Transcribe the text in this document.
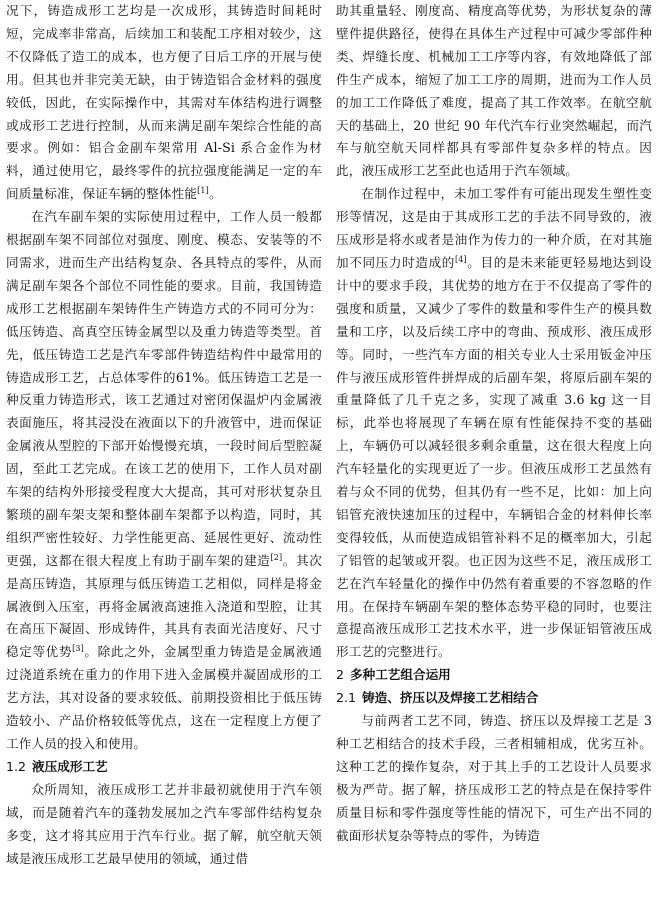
况下，铸造成形工艺均是一次成形，其铸造时间耗时短，完成率非常高，后续加工和装配工序相对较少，这不仅降低了造工的成本，也方便了日后工序的开展与使用。但其也并非完美无缺，由于铸造铝合金材料的强度较低，因此，在实际操作中，其需对车体结构进行调整或成形工艺进行控制，从而来满足副车架综合性能的高要求。例如：铝合金副车架常用 Al-Si 系合金作为材料，通过使用它，最终零件的抗拉强度能满足一定的车间质量标准，保证车辆的整体性能[1]。

在汽车副车架的实际使用过程中，工作人员一般都根据副车架不同部位对强度、刚度、模态、安装等的不同需求，进而生产出结构复杂、各具特点的零件，从而满足副车架各个部位不同性能的要求。目前，我国铸造成形工艺根据副车架铸件生产铸造方式的不同可分为：低压铸造、高真空压铸金属型以及重力铸造等类型。首先，低压铸造工艺是汽车零部件铸造结构件中最常用的铸造成形工艺，占总体零件的61%。低压铸造工艺是一种反重力铸造形式，该工艺通过对密闭保温炉内金属液表面施压，将其浸没在液面以下的升液管中，进而保证金属液从型腔的下部开始慢慢充填，一段时间后型腔凝固，至此工艺完成。在该工艺的使用下，工作人员对副车架的结构外形接受程度大大提高，其可对形状复杂且繁琐的副车架支架和整体副车架都予以构造，同时，其组织严密性较好、力学性能更高、延展性更好、流动性更强，这都在很大程度上有助于副车架的建造[2]。其次是高压铸造，其原理与低压铸造工艺相似，同样是将金属液倒入压室，再将金属液高速推入浇道和型腔，让其在高压下凝固、形成铸件，其具有表面光洁度好、尺寸稳定等优势[3]。除此之外，金属型重力铸造是金属液通过浇道系统在重力的作用下进入金属模并凝固成形的工艺方法，其对设备的要求较低、前期投资相比于低压铸造较小、产品价格较低等优点，这在一定程度上方便了工作人员的投入和使用。

1.2 液压成形工艺

众所周知，液压成形工艺并非最初就使用于汽车领域，而是随着汽车的蓬勃发展加之汽车零部件结构复杂多变，这才将其应用于汽车行业。据了解，航空航天领域是液压成形工艺最早使用的领域，通过借

助其重量轻、刚度高、精度高等优势，为形状复杂的薄壁件提供路径，使得在具体生产过程中可减少零部件种类、焊缝长度、机械加工工序等内容，有效地降低了部件生产成本，缩短了加工工序的周期，进而为工作人员的加工工作降低了难度，提高了其工作效率。在航空航天的基础上，20 世纪 90 年代汽车行业突然崛起，而汽车与航空航天同样都具有零部件复杂多样的特点。因此，液压成形工艺至此也适用于汽车领域。

在制作过程中，未加工零件有可能出现发生塑性变形等情况，这是由于其成形工艺的手法不同导致的，液压成形是将水或者是油作为传力的一种介质，在对其施加不同压力时造成的[4]。目的是未来能更轻易地达到设计中的要求手段，其优势的地方在于不仅提高了零件的强度和质量，又减少了零件的数量和零件生产的模具数量和工序，以及后续工序中的弯曲、预成形、液压成形等。同时，一些汽车方面的相关专业人士采用钣金冲压件与液压成形管件拼焊成的后副车架，将原后副车架的重量降低了几千克之多，实现了减重 3.6 kg 这一目标，此举也将展现了车辆在原有性能保持不变的基础上，车辆仍可以减轻很多剩余重量，这在很大程度上向汽车轻量化的实现更近了一步。但液压成形工艺虽然有着与众不同的优势，但其仍有一些不足，比如：加上向铝管充液快速加压的过程中，车辆铝合金的材料伸长率变得较低，从而使造成铝管补料不足的概率加大，引起了铝管的起皱或开裂。也正因为这些不足，液压成形工艺在汽车轻量化的操作中仍然有着重要的不容忽略的作用。在保持车辆副车架的整体态势平稳的同时，也要注意提高液压成形工艺技术水平，进一步保证铝管液压成形工艺的完整进行。

2 多种工艺组合运用
2.1 铸造、挤压以及焊接工艺相结合

与前两者工艺不同，铸造、挤压以及焊接工艺是 3 种工艺相结合的技术手段，三者相辅相成，优劣互补。这种工艺的操作复杂，对于其上手的工艺设计人员要求极为严苛。据了解，挤压成形工艺的特点是在保持零件质量目标和零件强度等性能的情况下，可生产出不同的截面形状复杂等特点的零件，为铸造
